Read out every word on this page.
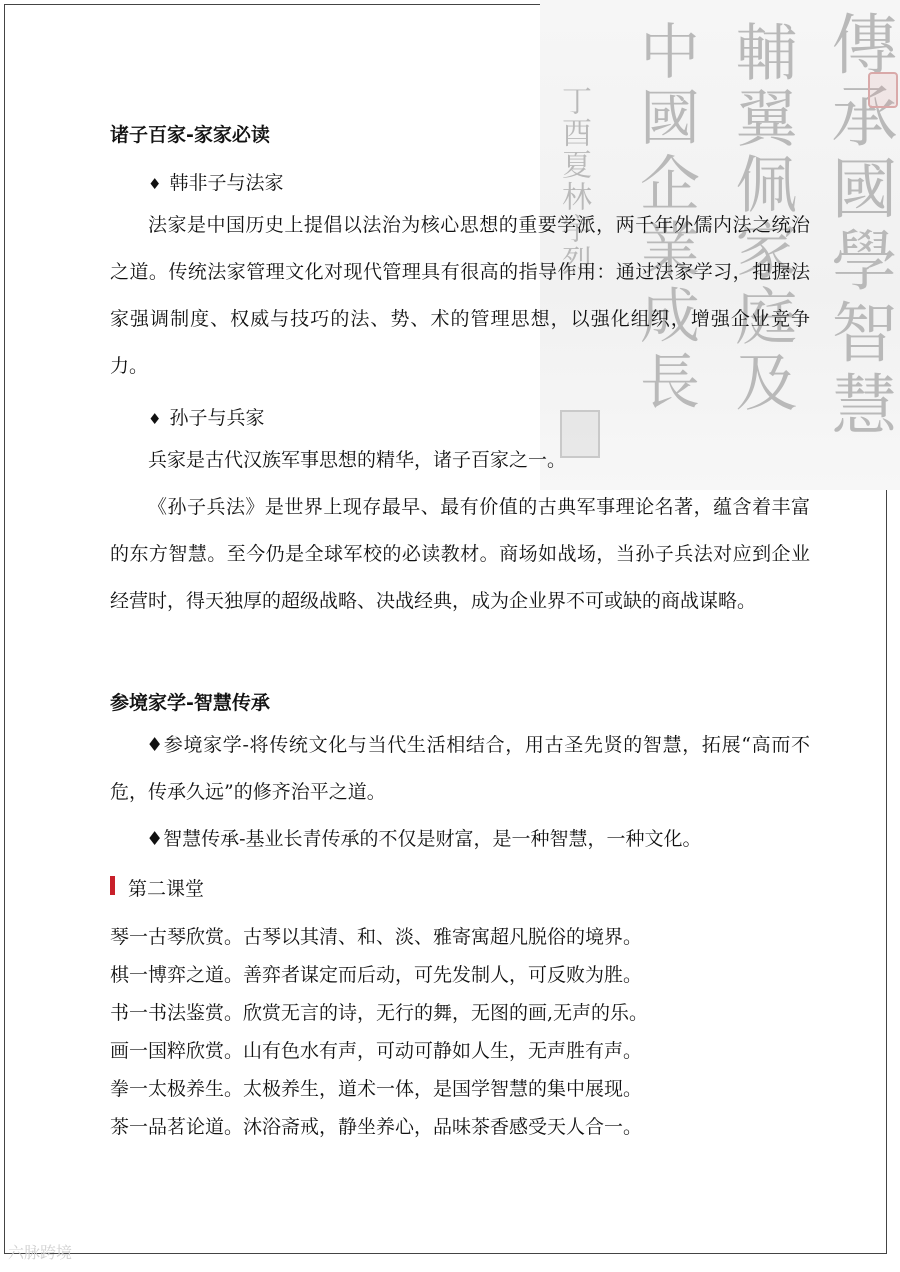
傳承國學智慧
輔翼佩家庭及
中國企業成長
丁酉夏林宇烈
诸子百家-家家必读
♦ 韩非子与法家
法家是中国历史上提倡以法治为核心思想的重要学派，两千年外儒内法之统治之道。传统法家管理文化对现代管理具有很高的指导作用：通过法家学习，把握法家强调制度、权威与技巧的法、势、术的管理思想，以强化组织，增强企业竞争力。
♦ 孙子与兵家
兵家是古代汉族军事思想的精华，诸子百家之一。
《孙子兵法》是世界上现存最早、最有价值的古典军事理论名著，蕴含着丰富的东方智慧。至今仍是全球军校的必读教材。商场如战场，当孙子兵法对应到企业经营时，得天独厚的超级战略、决战经典，成为企业界不可或缺的商战谋略。
参境家学-智慧传承
♦参境家学-将传统文化与当代生活相结合，用古圣先贤的智慧，拓展“高而不危，传承久远”的修齐治平之道。
♦智慧传承-基业长青传承的不仅是财富，是一种智慧，一种文化。
第二课堂
琴一古琴欣赏。古琴以其清、和、淡、雅寄寓超凡脱俗的境界。
棋一博弈之道。善弈者谋定而后动，可先发制人，可反败为胜。
书一书法鉴赏。欣赏无言的诗，无行的舞，无图的画,无声的乐。
画一国粹欣赏。山有色水有声，可动可静如人生，无声胜有声。
拳一太极养生。太极养生，道术一体，是国学智慧的集中展现。
茶一品茗论道。沐浴斋戒，静坐养心，品味茶香感受天人合一。
六脉跨境
